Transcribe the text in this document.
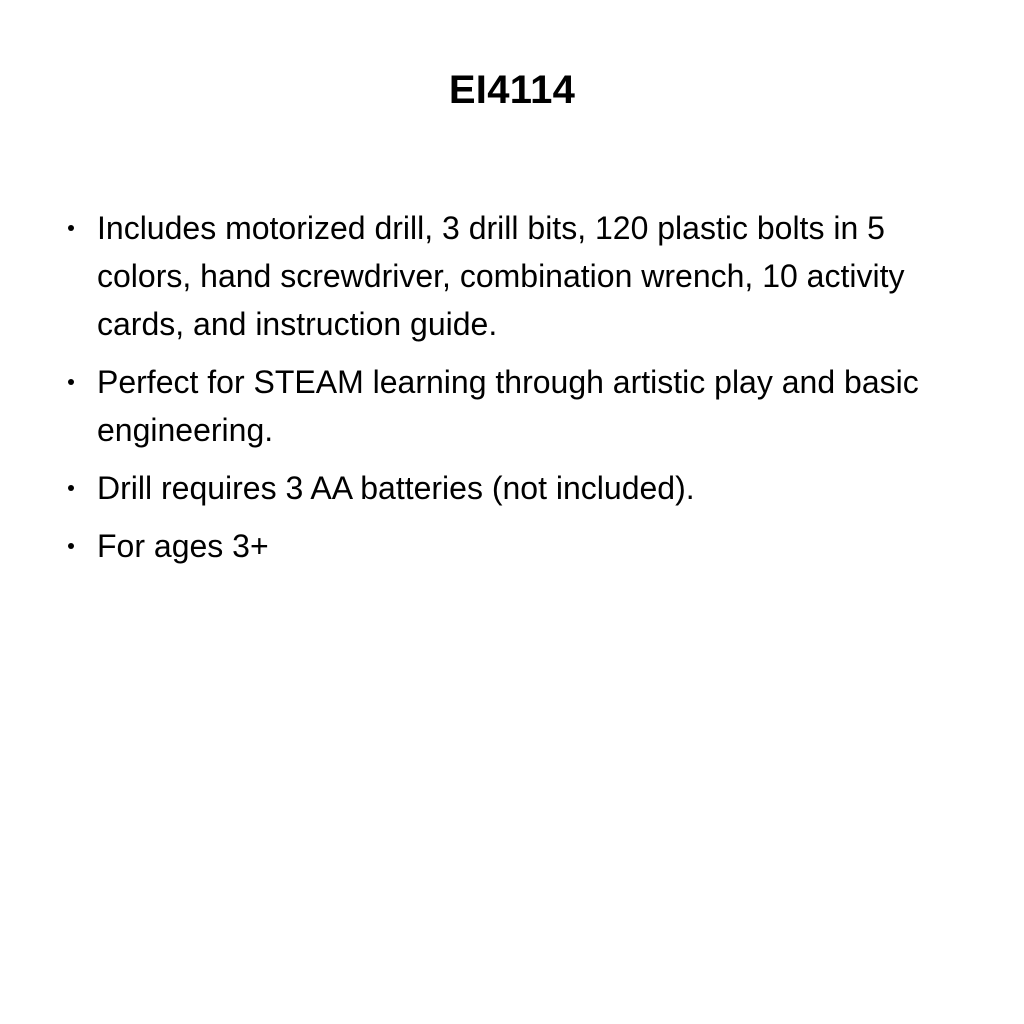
EI4114
Includes motorized drill, 3 drill bits, 120 plastic bolts in 5 colors, hand screwdriver, combination wrench, 10 activity cards, and instruction guide.
Perfect for STEAM learning through artistic play and basic engineering.
Drill requires 3 AA batteries (not included).
For ages 3+
